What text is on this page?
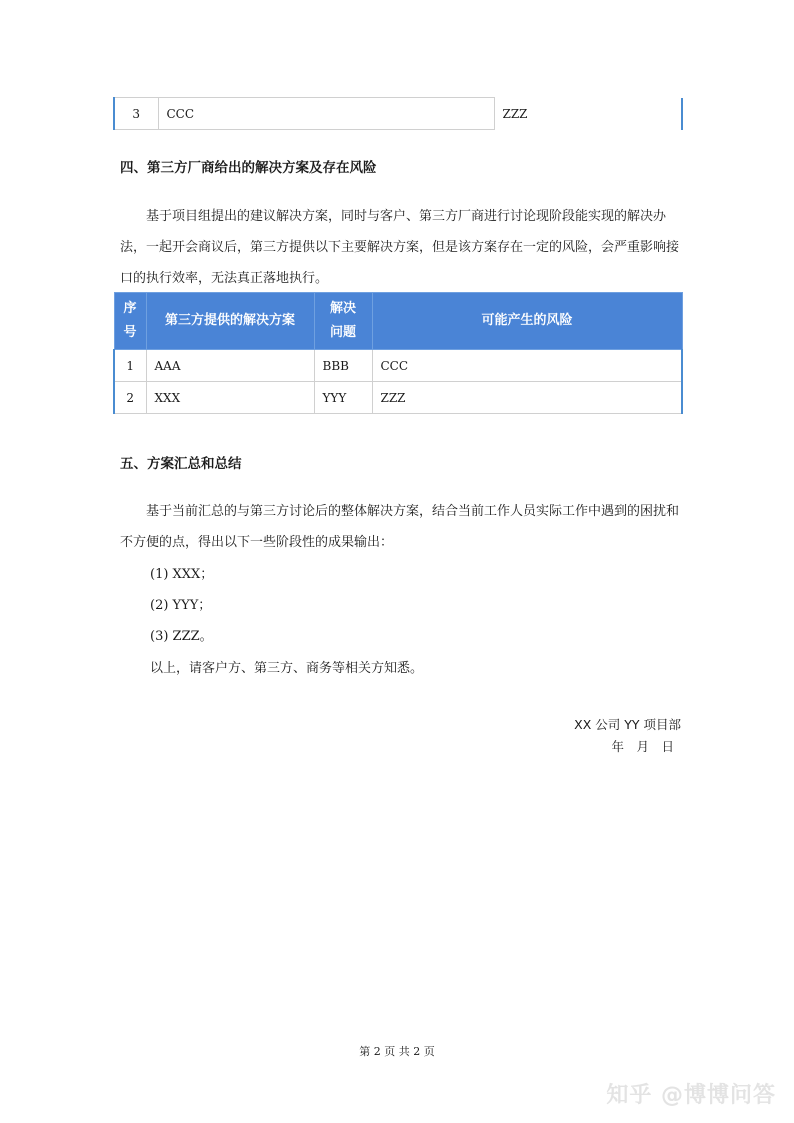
3	CCC	ZZZ
四、第三方厂商给出的解决方案及存在风险
基于项目组提出的建议解决方案，同时与客户、第三方厂商进行讨论现阶段能实现的解决办法，一起开会商议后，第三方提供以下主要解决方案，但是该方案存在一定的风险，会严重影响接口的执行效率，无法真正落地执行。
序号	第三方提供的解决方案	解决问题	可能产生的风险
1	AAA	BBB	CCC
2	XXX	YYY	ZZZ
五、方案汇总和总结
基于当前汇总的与第三方讨论后的整体解决方案，结合当前工作人员实际工作中遇到的困扰和不方便的点，得出以下一些阶段性的成果输出：
(1) XXX；
(2) YYY；
(3) ZZZ。
以上，请客户方、第三方、商务等相关方知悉。
XX 公司 YY 项目部
年　月　日
第 2 页 共 2 页
知乎 @博博问答
